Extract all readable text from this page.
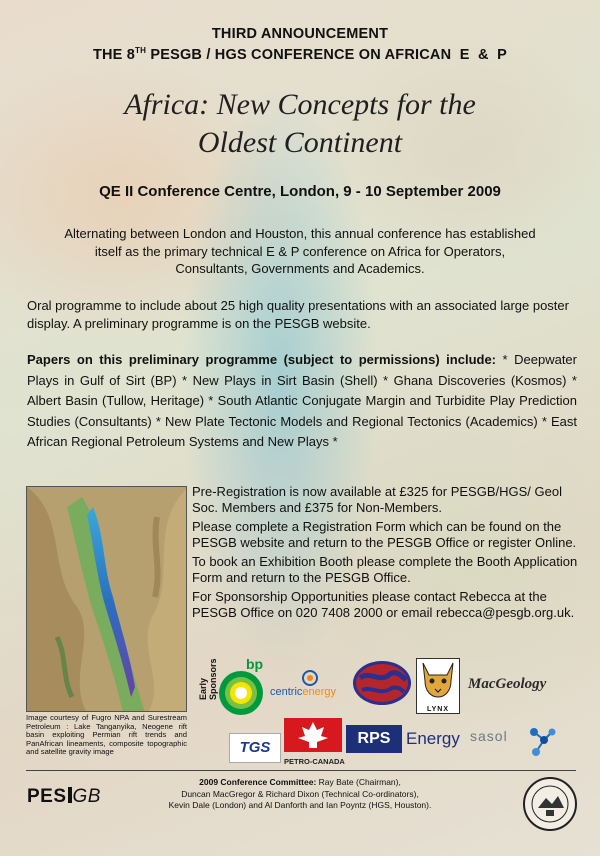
THIRD ANNOUNCEMENT
THE 8TH PESGB / HGS CONFERENCE ON AFRICAN  E  &  P
Africa: New Concepts for the
Oldest Continent
QE II Conference Centre, London, 9 - 10 September 2009
Alternating between London and Houston, this annual conference has established itself as the primary technical E & P conference on Africa for Operators, Consultants, Governments and Academics.
Oral programme to include about 25 high quality presentations with an associated large poster display. A preliminary programme is on the PESGB website.
Papers on this preliminary programme (subject to permissions) include: * Deepwater Plays in Gulf of Sirt (BP) * New Plays in Sirt Basin (Shell) * Ghana Discoveries (Kosmos) * Albert Basin (Tullow, Heritage) * South Atlantic Conjugate Margin and Turbidite Play Prediction Studies (Consultants) * New Plate Tectonic Models and Regional Tectonics (Academics) * East African Regional Petroleum Systems and New Plays *
Image courtesy of Fugro NPA and Surestream Petroleum : Lake Tanganyika, Neogene rift basin exploiting Permian rift trends and PanAfrican lineaments, composite topographic and satellite gravity image

Pre-Registration is now available at £325 for PESGB/HGS/ Geol Soc. Members and £375 for Non-Members.

Please complete a Registration Form which can be found on the PESGB website and return to the PESGB Office or register Online.

To book an Exhibition Booth please complete the Booth Application Form and return to the PESGB Office.

For Sponsorship Opportunities please contact Rebecca at the PESGB Office on 020 7408 2000 or email rebecca@pesgb.org.uk.

Early Sponsors bp
centricenergy
LYNX
MacGeology
TGS
PETRO-CANADA
RPS Energy sasol
PES GB
2009 Conference Committee: Ray Bate (Chairman),
Duncan MacGregor & Richard Dixon (Technical Co-ordinators),
Kevin Dale (London) and Al Danforth and Ian Poyntz (HGS, Houston).
